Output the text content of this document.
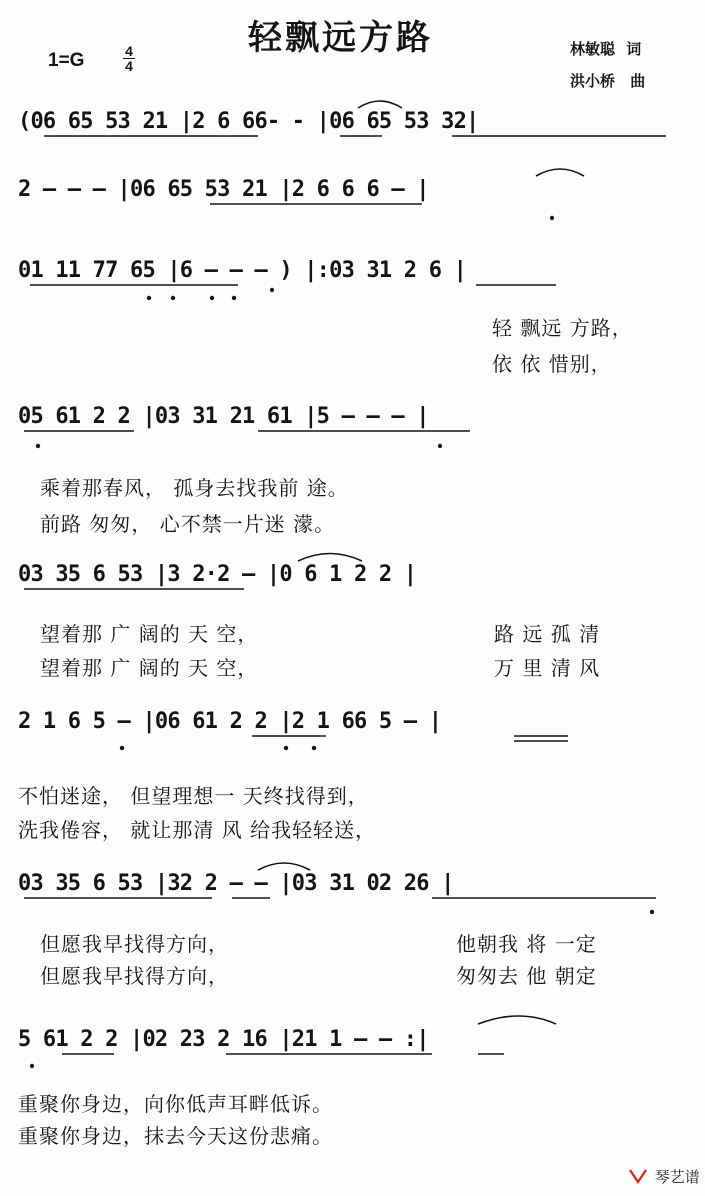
轻飘远方路	林敏聪 词
洪小桥 曲
1=G	4
4
(06 65 53 21 |2 6 66- - |06 65 53 32|
2 — — — |06 65 53 21 |2 6 6 6 — |
01 11 77 65 |6 — — — ) |:03 31 2 6 |
轻 飘远 方路，
依 依 惜别，
05 61 2 2 |03 31 21 61 |5 — — — |
乘着那春风， 孤身去找我前 途。
前路 匆匆， 心不禁一片迷 濛。
03 35 6 53 |3 2·2 — |0 6 1 2 2 |
望着那 广 阔的 天 空，
望着那 广 阔的 天 空，
路 远 孤 清
万 里 清 风
2 1 6 5 — |06 61 2 2 |2 1 66 5 — |
不怕迷途， 但望理想一 天终找得到，
洗我倦容， 就让那清 风 给我轻轻送，
03 35 6 53 |32 2 — — |03 31 02 26 |
但愿我早找得方向，
但愿我早找得方向，
他朝我 将 一定
匆匆去 他 朝定
5 61 2 2 |02 23 2 16 |21 1 — — :|
重聚你身边，向你低声耳畔低诉。
重聚你身边，抹去今天这份悲痛。
琴艺谱
